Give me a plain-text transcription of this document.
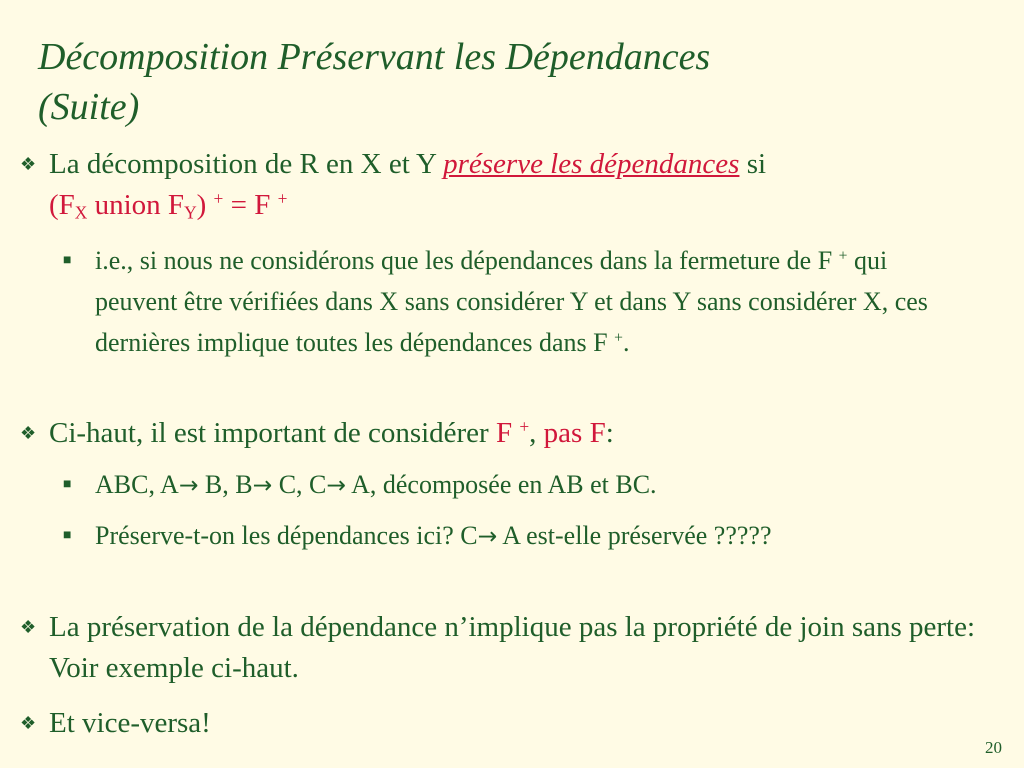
Décomposition Préservant les Dépendances
(Suite)
❖ La décomposition de R en X et Y préserve les dépendances si
($F_X$ union $F_Y$) + = F +
■ i.e., si nous ne considérons que les dépendances dans la fermeture de F + qui peuvent être vérifiées dans X sans considérer Y et dans Y sans considérer X, ces dernières implique toutes les dépendances dans F +.
❖ Ci-haut, il est important de considérer F +, pas F:
■ ABC, A→ B, B→ C, C→ A, décomposée en AB et BC.
■ Préserve-t-on les dépendances ici? C→ A est-elle préservée ?????
❖ La préservation de la dépendance n’implique pas la propriété de join sans perte: Voir exemple ci-haut.
❖ Et vice-versa!
20
